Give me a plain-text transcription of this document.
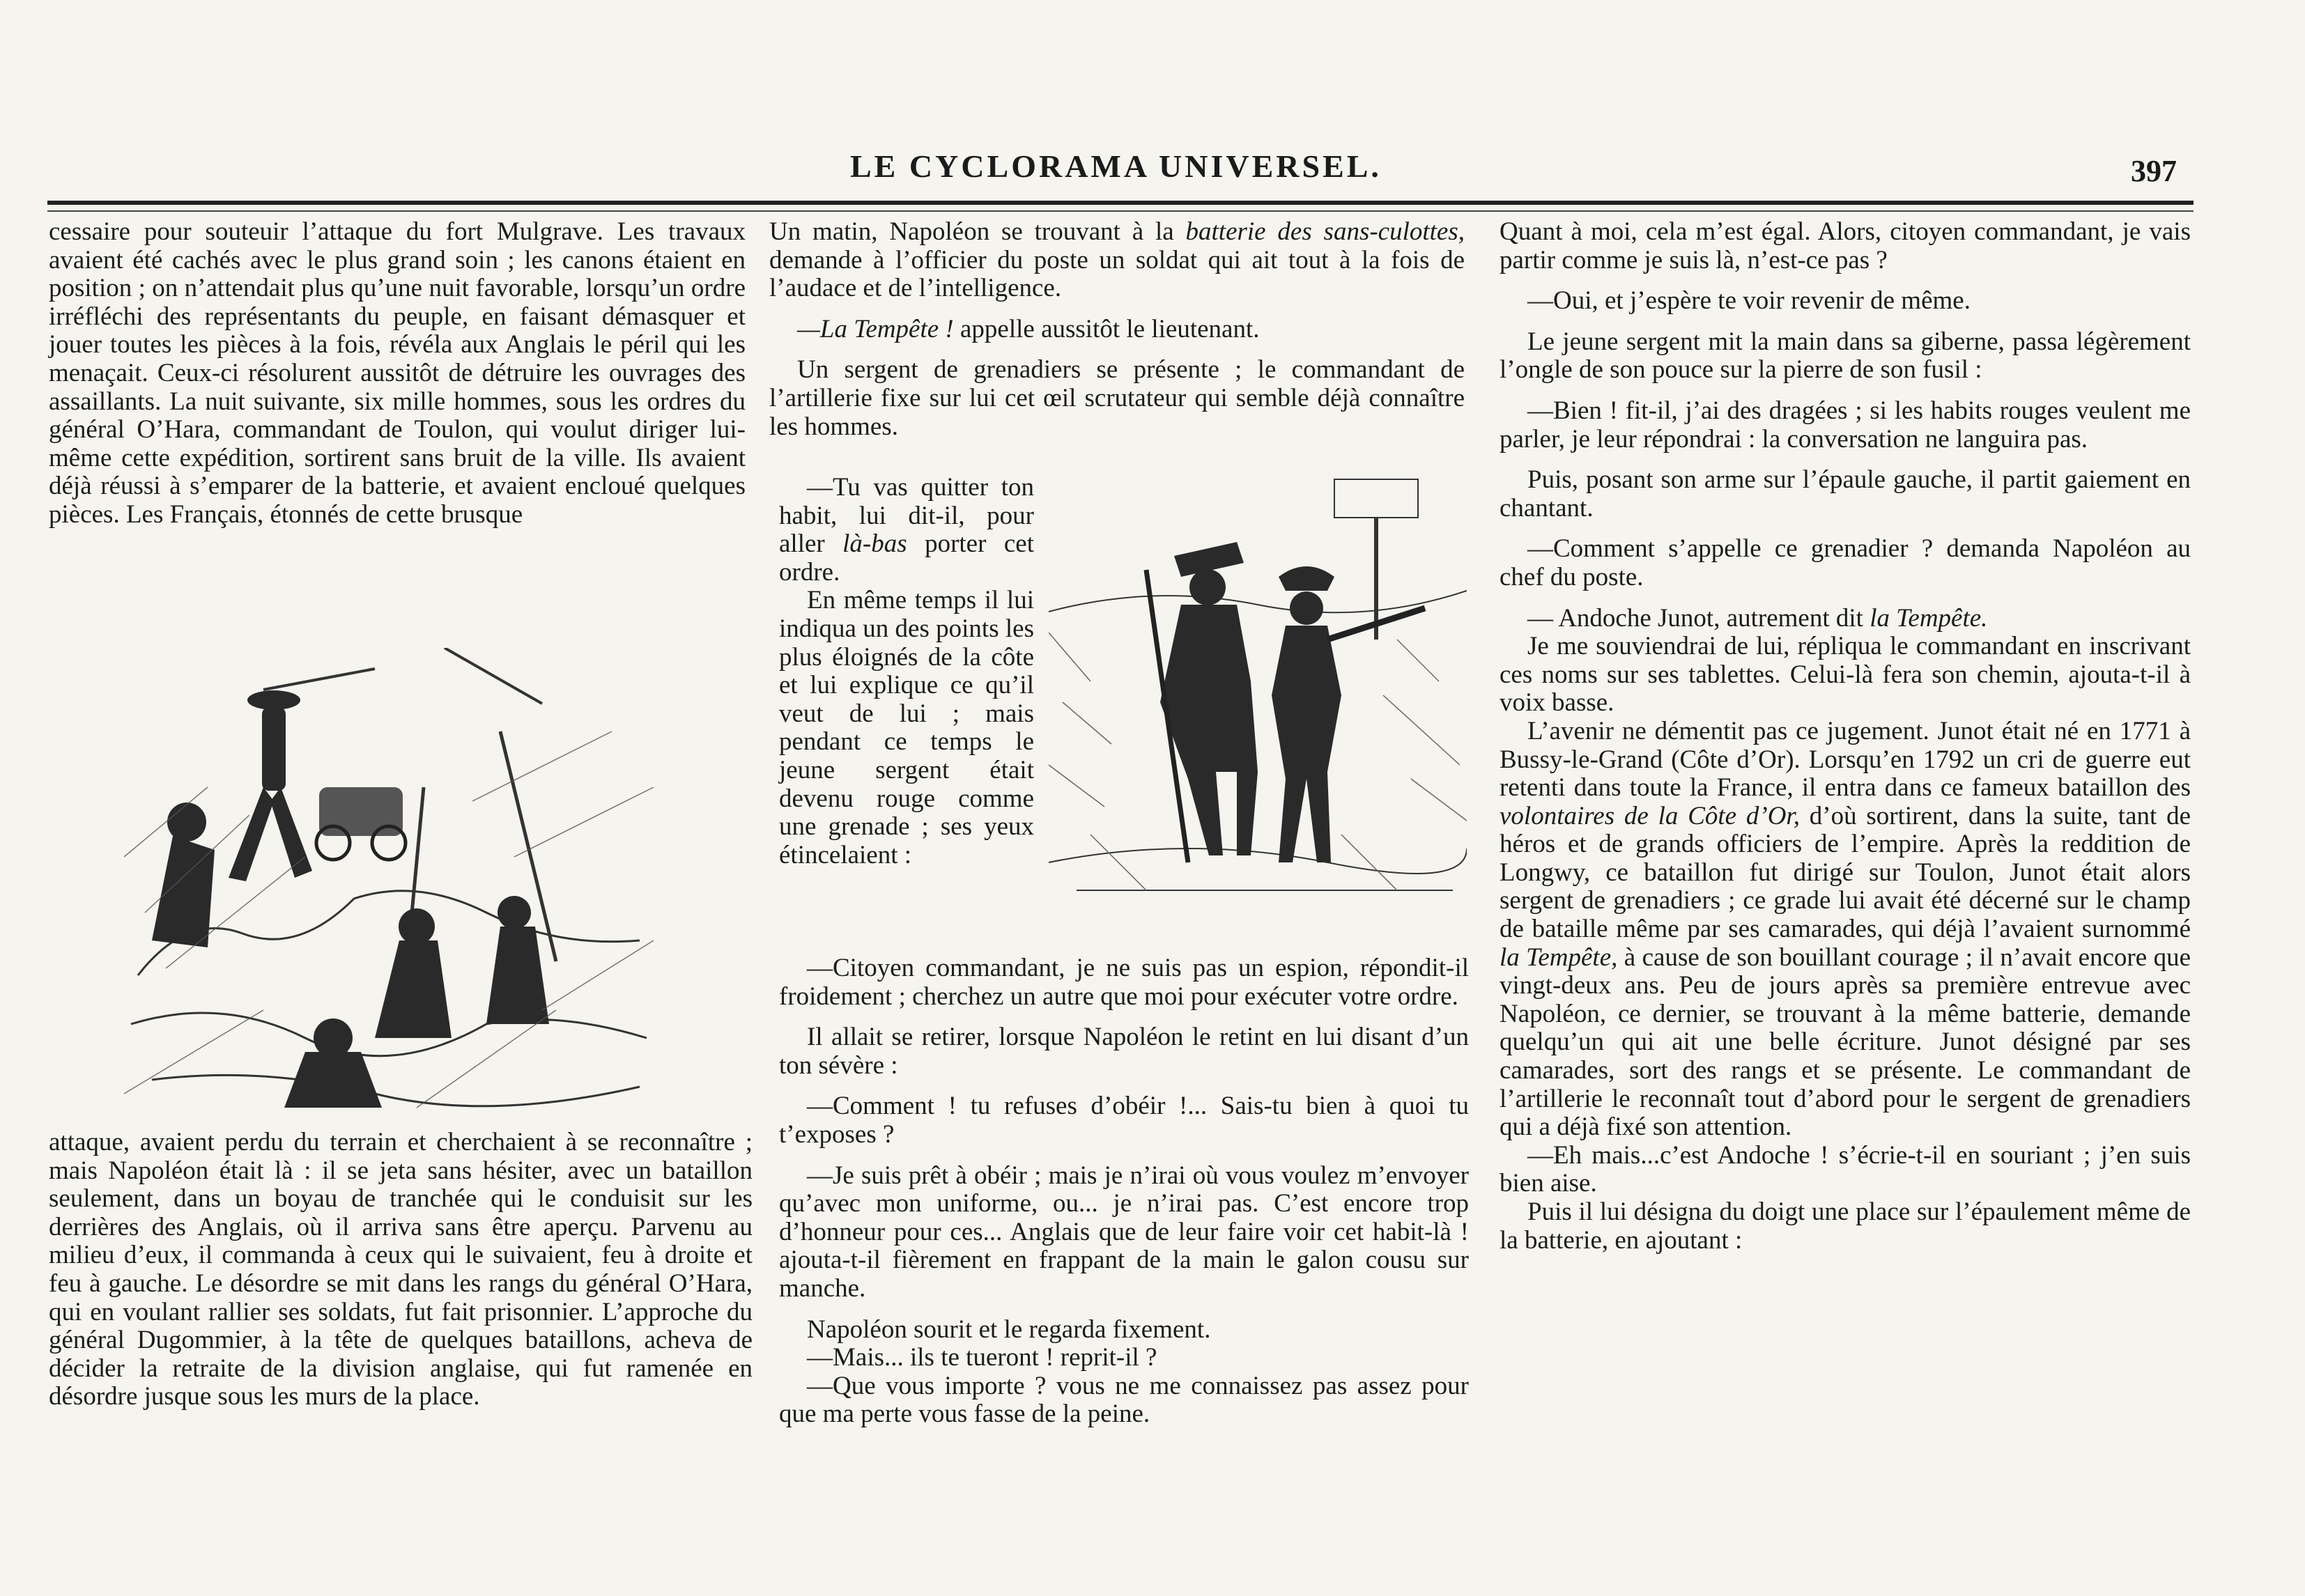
LE CYCLORAMA UNIVERSEL.	397

cessaire pour souteuir l’attaque du fort Mulgrave. Les travaux avaient été cachés avec le plus grand soin ; les canons étaient en position ; on n’attendait plus qu’une nuit favorable, lorsqu’un ordre irréfléchi des représentants du peuple, en faisant démasquer et jouer toutes les pièces à la fois, révéla aux Anglais le péril qui les menaçait. Ceux-ci résolurent aussitôt de détruire les ouvrages des assaillants. La nuit suivante, six mille hommes, sous les ordres du général O’Hara, commandant de Toulon, qui voulut diriger lui-même cette expédition, sortirent sans bruit de la ville. Ils avaient déjà réussi à s’emparer de la batterie, et avaient encloué quelques pièces. Les Français, étonnés de cette brusque

attaque, avaient perdu du terrain et cherchaient à se reconnaître ; mais Napoléon était là : il se jeta sans hésiter, avec un bataillon seulement, dans un boyau de tranchée qui le conduisit sur les derrières des Anglais, où il arriva sans être aperçu. Parvenu au milieu d’eux, il commanda à ceux qui le suivaient, feu à droite et feu à gauche. Le désordre se mit dans les rangs du général O’Hara, qui en voulant rallier ses soldats, fut fait prisonnier. L’approche du général Dugommier, à la tête de quelques bataillons, acheva de décider la retraite de la division anglaise, qui fut ramenée en désordre jusque sous les murs de la place.

Un matin, Napoléon se trouvant à la batterie des sans-culottes, demande à l’officier du poste un soldat qui ait tout à la fois de l’audace et de l’intelligence.

—La Tempête ! appelle aussitôt le lieutenant.

Un sergent de grenadiers se présente ; le commandant de l’artillerie fixe sur lui cet œil scrutateur qui semble déjà connaître les hommes.

—Tu vas quitter ton habit, lui dit-il, pour aller là-bas porter cet ordre.

En même temps il lui indiqua un des points les plus éloignés de la côte et lui explique ce qu’il veut de lui ; mais pendant ce temps le jeune sergent était devenu rouge comme une grenade ; ses yeux étincelaient :

—Citoyen commandant, je ne suis pas un espion, répondit-il froidement ; cherchez un autre que moi pour exécuter votre ordre.

Il allait se retirer, lorsque Napoléon le retint en lui disant d’un ton sévère :

—Comment ! tu refuses d’obéir !... Sais-tu bien à quoi tu t’exposes ?

—Je suis prêt à obéir ; mais je n’irai où vous voulez m’envoyer qu’avec mon uniforme, ou... je n’irai pas. C’est encore trop d’honneur pour ces... Anglais que de leur faire voir cet habit-là ! ajouta-t-il fièrement en frappant de la main le galon cousu sur manche.

Napoléon sourit et le regarda fixement.

—Mais... ils te tueront ! reprit-il ?

—Que vous importe ? vous ne me connaissez pas assez pour que ma perte vous fasse de la peine.

Quant à moi, cela m’est égal. Alors, citoyen commandant, je vais partir comme je suis là, n’est-ce pas ?

—Oui, et j’espère te voir revenir de même.

Le jeune sergent mit la main dans sa giberne, passa légèrement l’ongle de son pouce sur la pierre de son fusil :

—Bien ! fit-il, j’ai des dragées ; si les habits rouges veulent me parler, je leur répondrai : la conversation ne languira pas.

Puis, posant son arme sur l’épaule gauche, il partit gaiement en chantant.

—Comment s’appelle ce grenadier ? demanda Napoléon au chef du poste.

— Andoche Junot, autrement dit la Tempête.

Je me souviendrai de lui, répliqua le commandant en inscrivant ces noms sur ses tablettes. Celui-là fera son chemin, ajouta-t-il à voix basse.

L’avenir ne démentit pas ce jugement. Junot était né en 1771 à Bussy-le-Grand (Côte d’Or). Lorsqu’en 1792 un cri de guerre eut retenti dans toute la France, il entra dans ce fameux bataillon des volontaires de la Côte d’Or, d’où sortirent, dans la suite, tant de héros et de grands officiers de l’empire. Après la reddition de Longwy, ce bataillon fut dirigé sur Toulon, Junot était alors sergent de grenadiers ; ce grade lui avait été décerné sur le champ de bataille même par ses camarades, qui déjà l’avaient surnommé la Tempête, à cause de son bouillant courage ; il n’avait encore que vingt-deux ans. Peu de jours après sa première entrevue avec Napoléon, ce dernier, se trouvant à la même batterie, demande quelqu’un qui ait une belle écriture. Junot désigné par ses camarades, sort des rangs et se présente. Le commandant de l’artillerie le reconnaît tout d’abord pour le sergent de grenadiers qui a déjà fixé son attention.

—Eh mais...c’est Andoche ! s’écrie-t-il en souriant ; j’en suis bien aise.

Puis il lui désigna du doigt une place sur l’épaulement même de la batterie, en ajoutant :
